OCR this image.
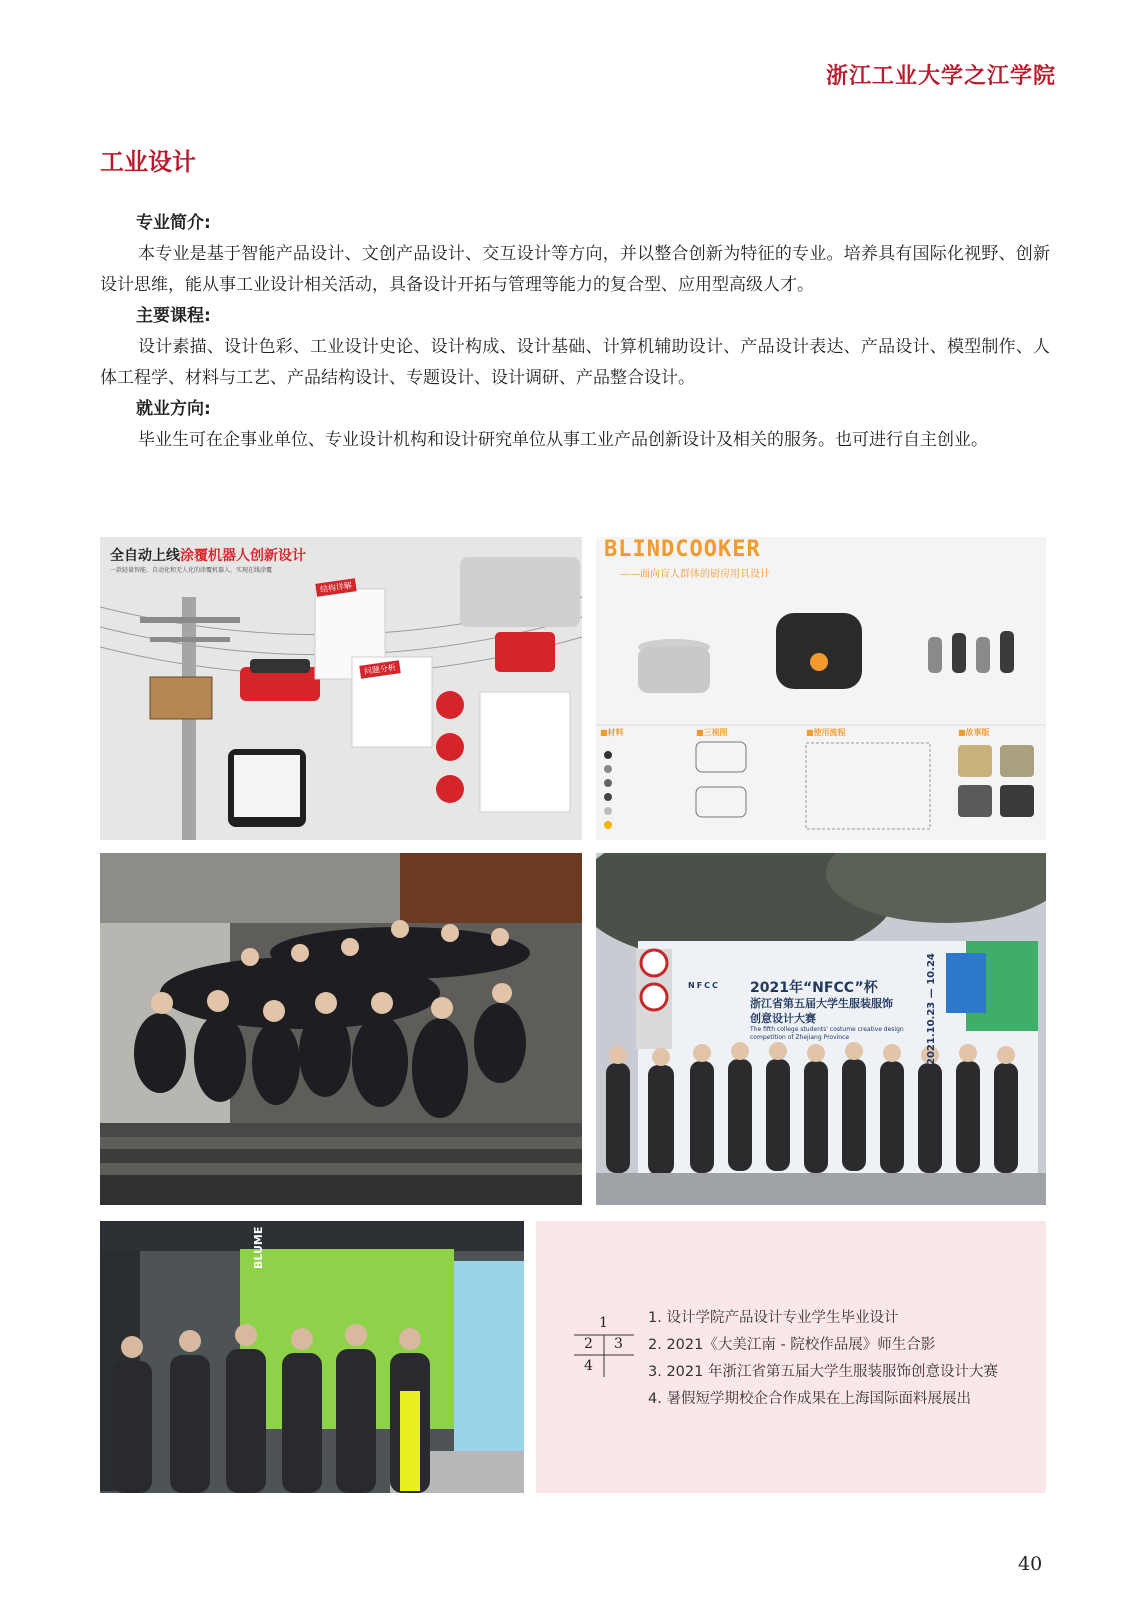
浙江工业大学之江学院
工业设计

专业简介:

本专业是基于智能产品设计、文创产品设计、交互设计等方向，并以整合创新为特征的专业。培养具有国际化视野、创新设计思维，能从事工业设计相关活动，具备设计开拓与管理等能力的复合型、应用型高级人才。

主要课程:

设计素描、设计色彩、工业设计史论、设计构成、设计基础、计算机辅助设计、产品设计表达、产品设计、模型制作、人体工程学、材料与工艺、产品结构设计、专题设计、设计调研、产品整合设计。

就业方向:

毕业生可在企事业单位、专业设计机构和设计研究单位从事工业产品创新设计及相关的服务。也可进行自主创业。

全自动上线涂覆机器人创新设计
一款轻量智能、自动化和无人化的涂覆机器人，实现在线涂覆
结构详解
问题分析
BLINDCOOKER
——面向盲人群体的厨房用具设计
■材料	■三视图	■使用流程	■故事版
NFCC 2021年“NFCC”杯
浙江省第五届大学生服装服饰
创意设计大赛
The fifth college students' costume creative design
competition of Zhejiang Province	2021.10.23 — 10.24
BLUME
1
2 3
4
1. 设计学院产品设计专业学生毕业设计
2. 2021《大美江南 - 院校作品展》师生合影
3. 2021 年浙江省第五届大学生服装服饰创意设计大赛
4. 暑假短学期校企合作成果在上海国际面料展展出
40
